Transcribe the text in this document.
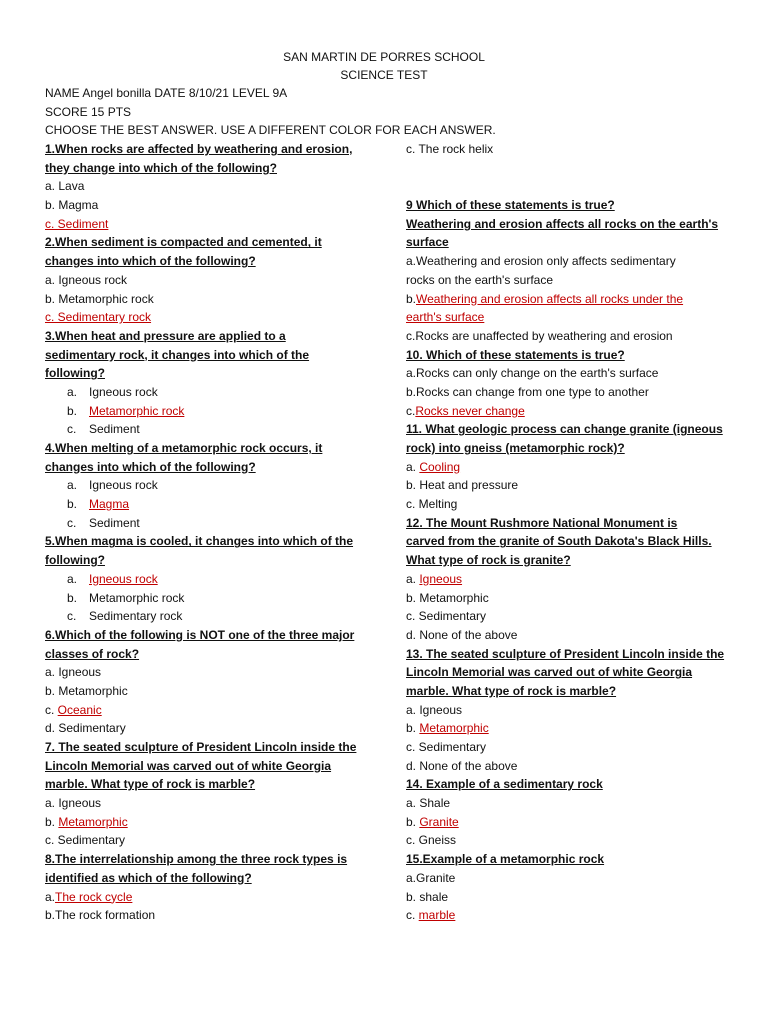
SAN MARTIN DE PORRES SCHOOL
SCIENCE TEST
NAME Angel bonilla DATE 8/10/21 LEVEL 9A
SCORE 15 PTS
CHOOSE THE BEST ANSWER. USE A DIFFERENT COLOR FOR EACH ANSWER.
1.When rocks are affected by weathering and erosion,
they change into which of the following?
a. Lava
b. Magma
c. Sediment
2.When sediment is compacted and cemented, it
changes into which of the following?
a. Igneous rock
b. Metamorphic rock
c. Sedimentary rock
3.When heat and pressure are applied to a
sedimentary rock, it changes into which of the
following?
a. Igneous rock
b. Metamorphic rock
c. Sediment
4.When melting of a metamorphic rock occurs, it
changes into which of the following?
a. Igneous rock
b. Magma
c. Sediment
5.When magma is cooled, it changes into which of the
following?
a. Igneous rock
b. Metamorphic rock
c. Sedimentary rock
6.Which of the following is NOT one of the three major
classes of rock?
a. Igneous
b. Metamorphic
c. Oceanic
d. Sedimentary
7. The seated sculpture of President Lincoln inside the
Lincoln Memorial was carved out of white Georgia
marble. What type of rock is marble?
a. Igneous
b. Metamorphic
c. Sedimentary
8.The interrelationship among the three rock types is
identified as which of the following?
a.The rock cycle
b.The rock formation
c. The rock helix
9 Which of these statements is true?
Weathering and erosion affects all rocks on the earth's
surface
a.Weathering and erosion only affects sedimentary
rocks on the earth's surface
b.Weathering and erosion affects all rocks under the
earth's surface
c.Rocks are unaffected by weathering and erosion
10. Which of these statements is true?
a.Rocks can only change on the earth's surface
b.Rocks can change from one type to another
c.Rocks never change
11. What geologic process can change granite (igneous
rock) into gneiss (metamorphic rock)?
a. Cooling
b. Heat and pressure
c. Melting
12. The Mount Rushmore National Monument is
carved from the granite of South Dakota's Black Hills.
What type of rock is granite?
a. Igneous
b. Metamorphic
c. Sedimentary
d. None of the above
13. The seated sculpture of President Lincoln inside the
Lincoln Memorial was carved out of white Georgia
marble. What type of rock is marble?
a. Igneous
b. Metamorphic
c. Sedimentary
d. None of the above
14. Example of a sedimentary rock
a. Shale
b. Granite
c. Gneiss
15.Example of a metamorphic rock
a.Granite
b. shale
c. marble
